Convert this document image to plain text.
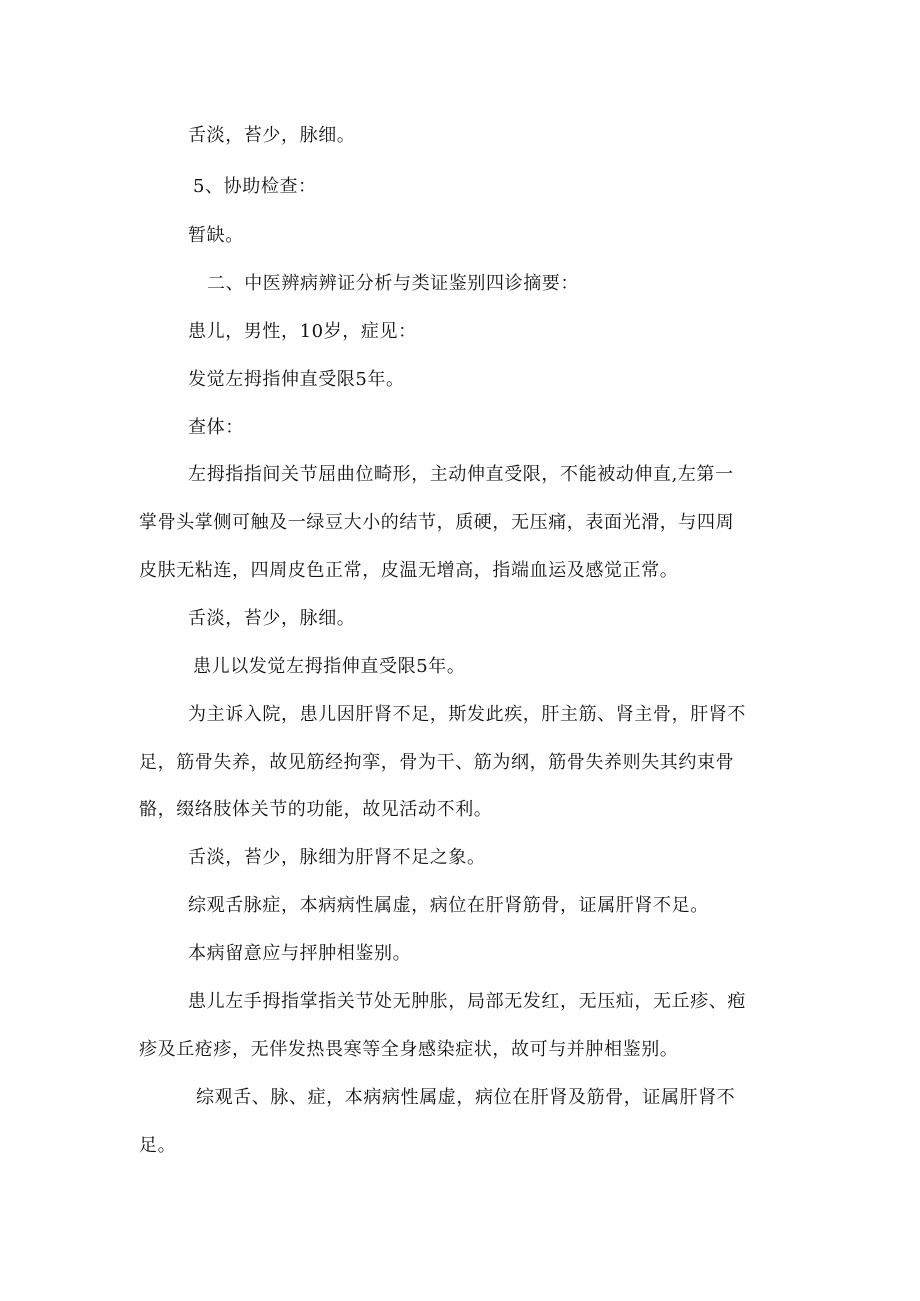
舌淡，苔少，脉细。
5、协助检查：
暂缺。
二、中医辨病辨证分析与类证鉴别四诊摘要：
患儿，男性，10岁，症见：
发觉左拇指伸直受限5年。
查体：
左拇指指间关节屈曲位畸形，主动伸直受限，不能被动伸直,左第一
掌骨头掌侧可触及一绿豆大小的结节，质硬，无压痛，表面光滑，与四周
皮肤无粘连，四周皮色正常，皮温无增高，指端血运及感觉正常。
舌淡，苔少，脉细。
患儿以发觉左拇指伸直受限5年。
为主诉入院，患儿因肝肾不足，斯发此疾，肝主筋、肾主骨，肝肾不
足，筋骨失养，故见筋经拘挛，骨为干、筋为纲，筋骨失养则失其约束骨
骼，缀络肢体关节的功能，故见活动不利。
舌淡，苔少，脉细为肝肾不足之象。
综观舌脉症，本病病性属虚，病位在肝肾筋骨，证属肝肾不足。
本病留意应与抨肿相鉴别。
患儿左手拇指掌指关节处无肿胀，局部无发红，无压疝，无丘疹、疱
疹及丘疮疹，无伴发热畏寒等全身感染症状，故可与并肿相鉴别。
综观舌、脉、症，本病病性属虚，病位在肝肾及筋骨，证属肝肾不
足。
